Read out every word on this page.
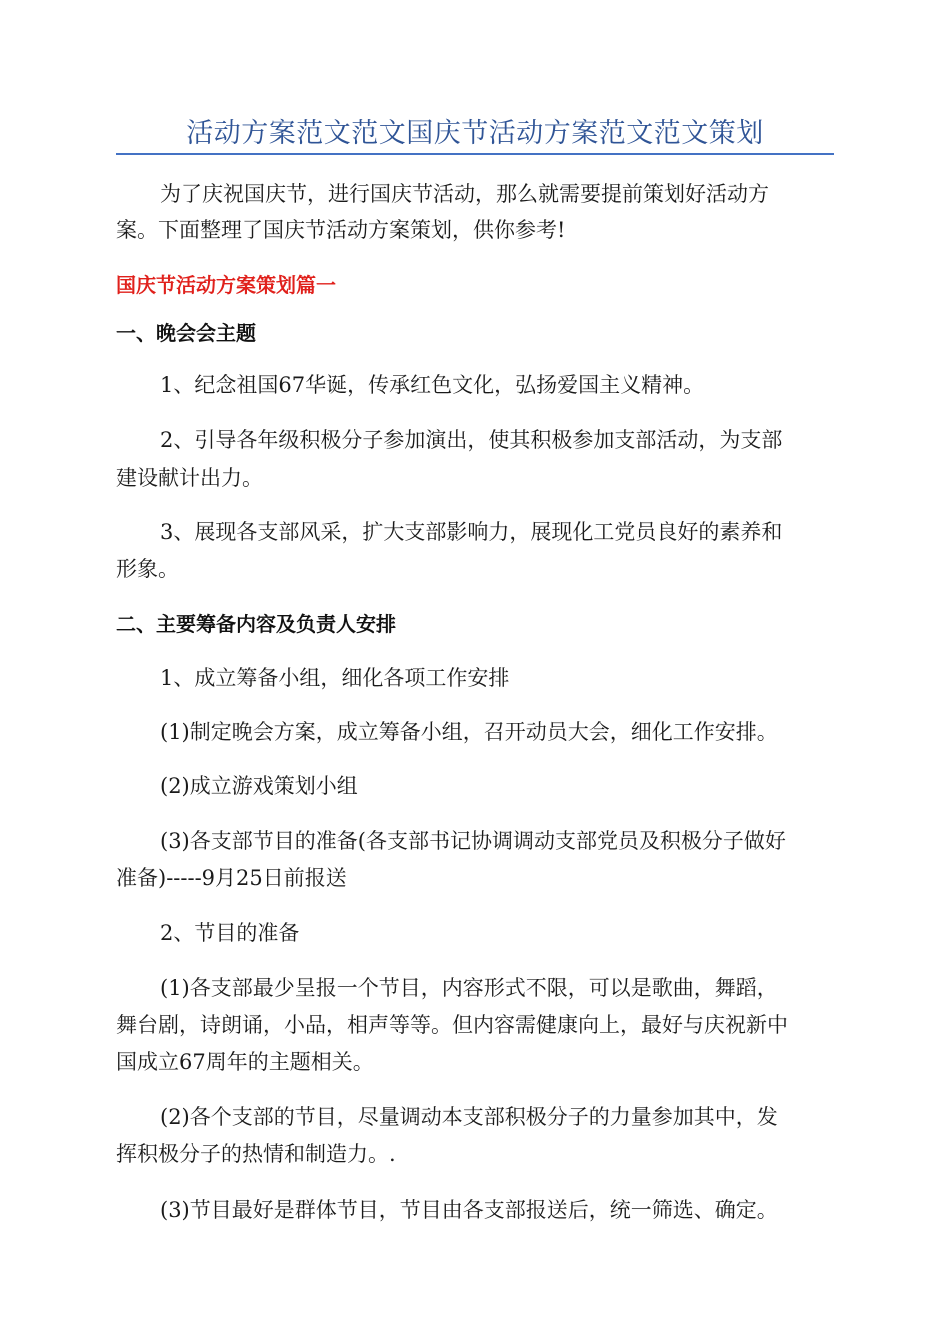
活动方案范文范文国庆节活动方案范文范文策划
为了庆祝国庆节，进行国庆节活动，那么就需要提前策划好活动方
案。下面整理了国庆节活动方案策划，供你参考!
国庆节活动方案策划篇一
一、晚会会主题
1、纪念祖国67华诞，传承红色文化，弘扬爱国主义精神。
2、引导各年级积极分子参加演出，使其积极参加支部活动，为支部
建设献计出力。
3、展现各支部风采，扩大支部影响力，展现化工党员良好的素养和
形象。
二、主要筹备内容及负责人安排
1、成立筹备小组，细化各项工作安排
(1)制定晚会方案，成立筹备小组，召开动员大会，细化工作安排。
(2)成立游戏策划小组
(3)各支部节目的准备(各支部书记协调调动支部党员及积极分子做好
准备)-----9月25日前报送
2、节目的准备
(1)各支部最少呈报一个节目，内容形式不限，可以是歌曲，舞蹈，
舞台剧，诗朗诵，小品，相声等等。但内容需健康向上，最好与庆祝新中
国成立67周年的主题相关。
(2)各个支部的节目，尽量调动本支部积极分子的力量参加其中，发
挥积极分子的热情和制造力。.
(3)节目最好是群体节目，节目由各支部报送后，统一筛选、确定。
